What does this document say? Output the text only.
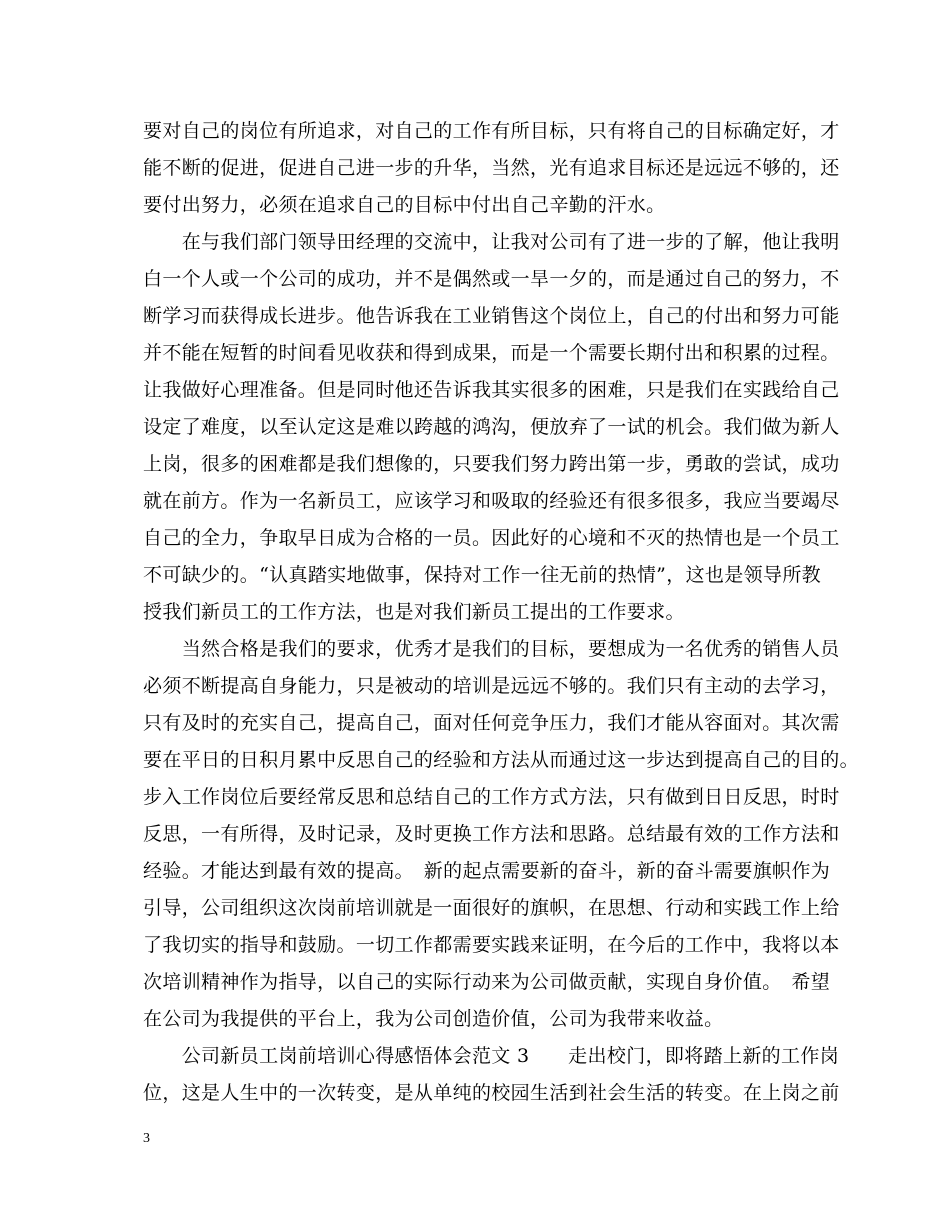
要对自己的岗位有所追求，对自己的工作有所目标，只有将自己的目标确定好，才
能不断的促进，促进自己进一步的升华，当然，光有追求目标还是远远不够的，还
要付出努力，必须在追求自己的目标中付出自己辛勤的汗水。
　　在与我们部门领导田经理的交流中，让我对公司有了进一步的了解，他让我明
白一个人或一个公司的成功，并不是偶然或一旱一夕的，而是通过自己的努力，不
断学习而获得成长进步。他告诉我在工业销售这个岗位上，自己的付出和努力可能
并不能在短暂的时间看见收获和得到成果，而是一个需要长期付出和积累的过程。
让我做好心理准备。但是同时他还告诉我其实很多的困难，只是我们在实践给自己
设定了难度，以至认定这是难以跨越的鸿沟，便放弃了一试的机会。我们做为新人
上岗，很多的困难都是我们想像的，只要我们努力跨出第一步，勇敢的尝试，成功
就在前方。作为一名新员工，应该学习和吸取的经验还有很多很多，我应当要竭尽
自己的全力，争取早日成为合格的一员。因此好的心境和不灭的热情也是一个员工
不可缺少的。“认真踏实地做事，保持对工作一往无前的热情”，这也是领导所教
授我们新员工的工作方法，也是对我们新员工提出的工作要求。
　　当然合格是我们的要求，优秀才是我们的目标，要想成为一名优秀的销售人员
必须不断提高自身能力，只是被动的培训是远远不够的。我们只有主动的去学习，
只有及时的充实自己，提高自己，面对任何竞争压力，我们才能从容面对。其次需
要在平日的日积月累中反思自己的经验和方法从而通过这一步达到提高自己的目的。
步入工作岗位后要经常反思和总结自己的工作方式方法，只有做到日日反思，时时
反思，一有所得，及时记录，及时更换工作方法和思路。总结最有效的工作方法和
经验。才能达到最有效的提高。　新的起点需要新的奋斗，新的奋斗需要旗帜作为
引导，公司组织这次岗前培训就是一面很好的旗帜，在思想、行动和实践工作上给
了我切实的指导和鼓励。一切工作都需要实践来证明，在今后的工作中，我将以本
次培训精神作为指导，以自己的实际行动来为公司做贡献，实现自身价值。　希望
在公司为我提供的平台上，我为公司创造价值，公司为我带来收益。
　　公司新员工岗前培训心得感悟体会范文 3　　走出校门，即将踏上新的工作岗
位，这是人生中的一次转变，是从单纯的校园生活到社会生活的转变。在上岗之前
3
